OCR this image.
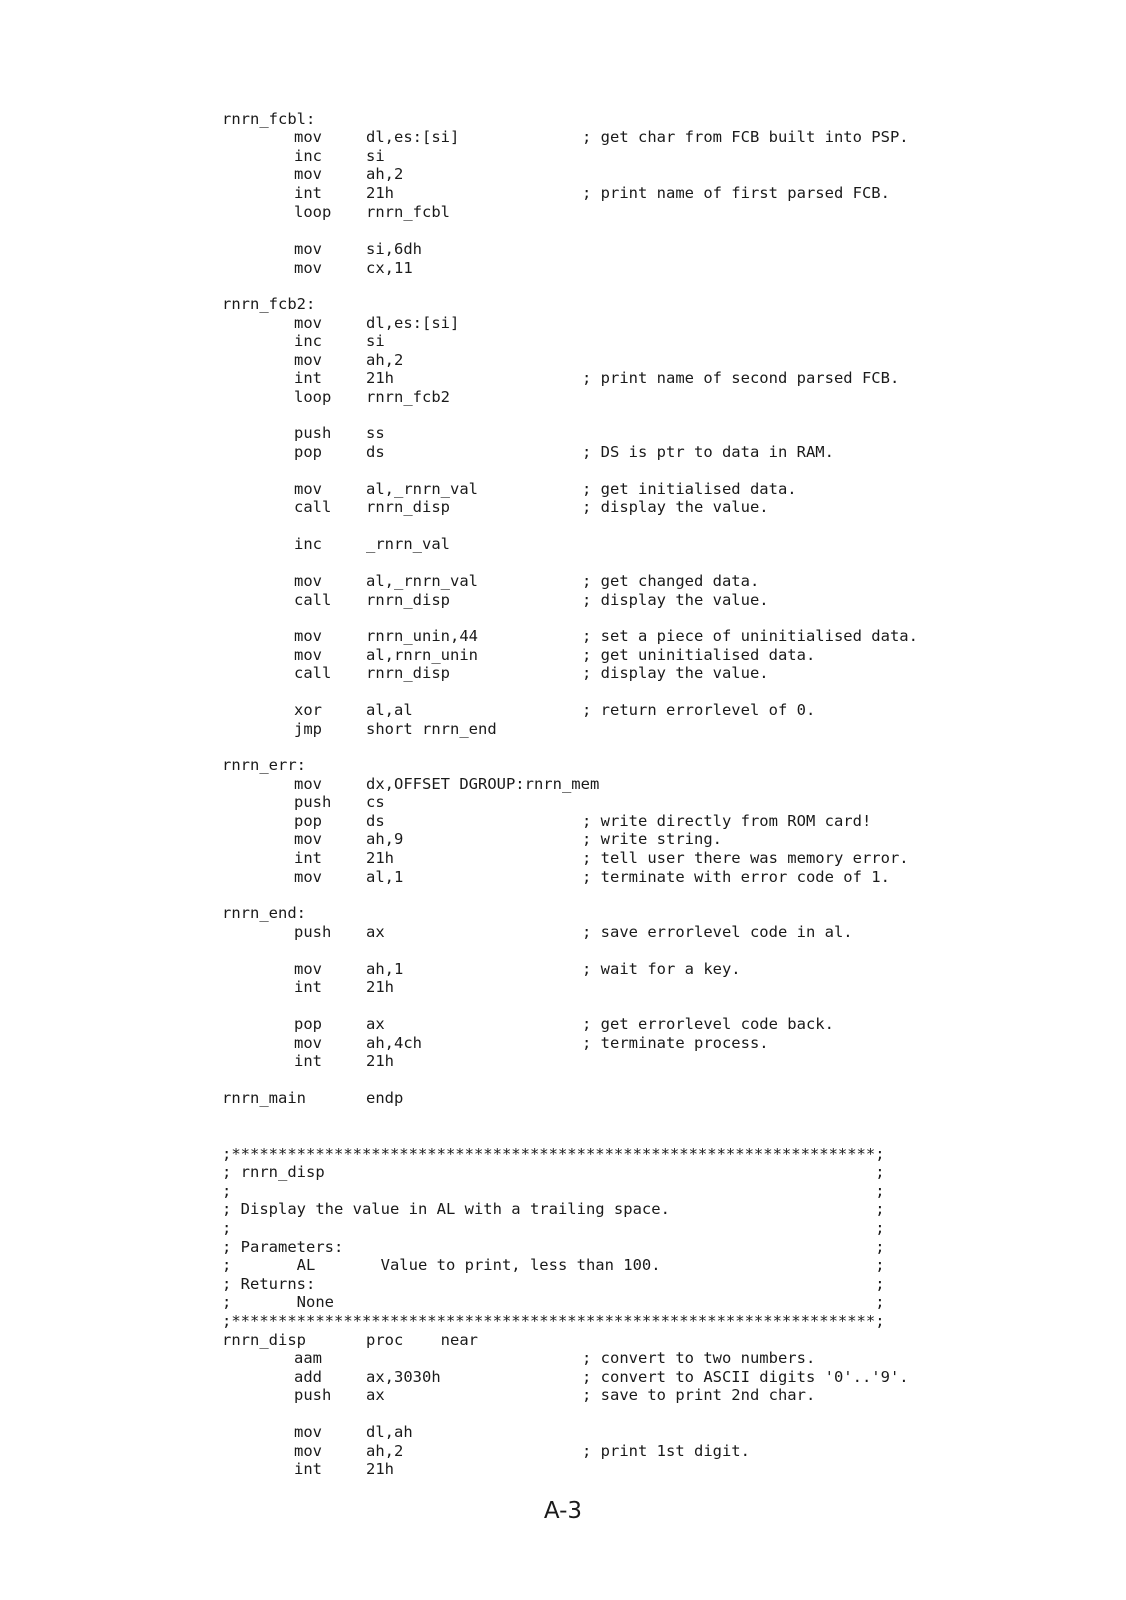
rnrn_fcbl:
mov	dl,es:[si]	; get char from FCB built into PSP.
inc	si
mov	ah,2
int	21h	; print name of first parsed FCB.
loop rnrn_fcbl
mov	si,6dh
mov	cx,11
rnrn_fcb2:
mov	dl,es:[si]
inc	si
mov	ah,2
int	21h	; print name of second parsed FCB.
loop rnrn_fcb2
push ss
pop	ds	; DS is ptr to data in RAM.
mov	al,_rnrn_val	; get initialised data.
call rnrn_disp	; display the value.
inc	_rnrn_val
mov	al,_rnrn_val	; get changed data.
call rnrn_disp	; display the value.
mov	rnrn_unin,44	; set a piece of uninitialised data.
mov	al,rnrn_unin	; get uninitialised data.
call rnrn_disp	; display the value.
xor	al,al	; return errorlevel of 0.
jmp	short rnrn_end
rnrn_err:
mov	dx,OFFSET DGROUP:rnrn_mem
push cs
pop	ds	; write directly from ROM card!
mov	ah,9	; write string.
int	21h	; tell user there was memory error.
mov	al,1	; terminate with error code of 1.
rnrn_end:
push ax	; save errorlevel code in al.
mov	ah,1	; wait for a key.
int	21h
pop	ax	; get errorlevel code back.
mov	ah,4ch	; terminate process.
int	21h
rnrn_main	endp
;*********************************************************************;
; rnrn_disp                                                           ;
;                                                                     ;
; Display the value in AL with a trailing space.                      ;
;                                                                     ;
; Parameters:                                                         ;
;       AL       Value to print, less than 100.                       ;
; Returns:                                                            ;
;       None                                                          ;
;*********************************************************************;
rnrn_disp	proc    near
aam	; convert to two numbers.
add	ax,3030h	; convert to ASCII digits '0'..'9'.
push ax	; save to print 2nd char.
mov	dl,ah
mov	ah,2	; print 1st digit.
int	21h
A-3
